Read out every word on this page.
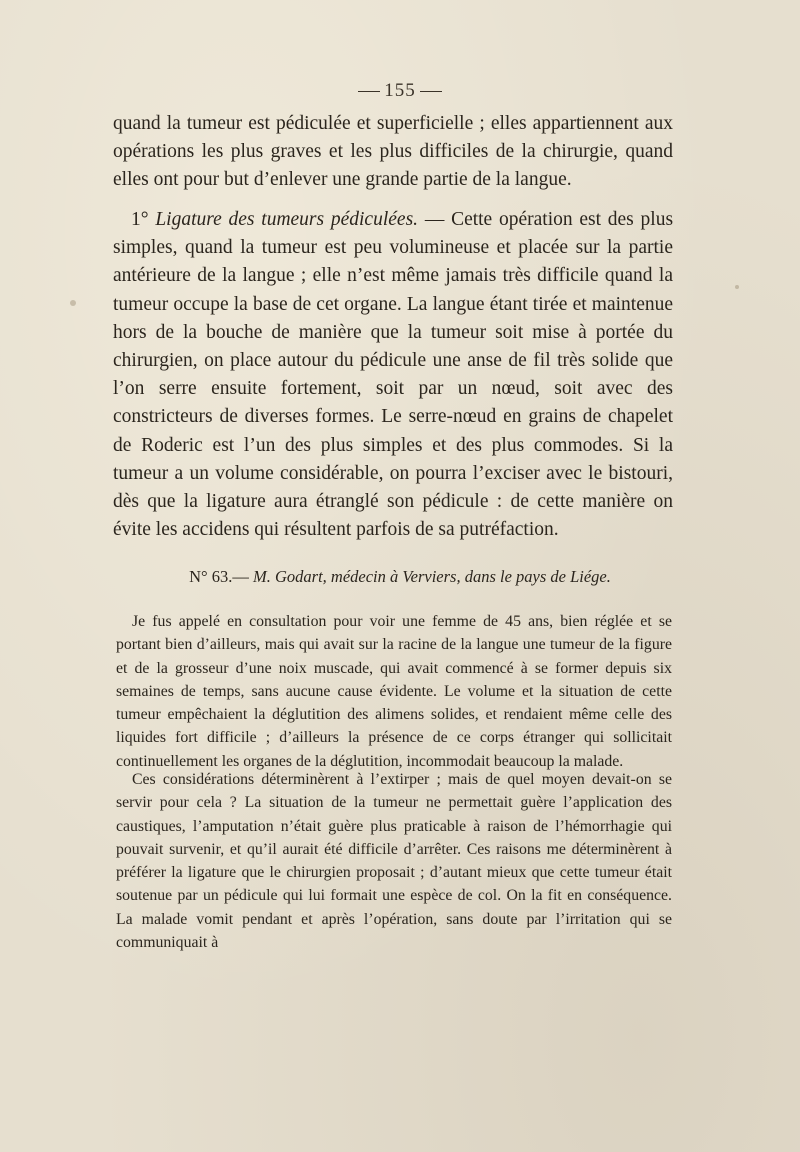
155

quand la tumeur est pédiculée et superficielle ; elles appartiennent aux opérations les plus graves et les plus difficiles de la chirurgie, quand elles ont pour but d’enlever une grande partie de la langue.

1° Ligature des tumeurs pédiculées. — Cette opération est des plus simples, quand la tumeur est peu volumineuse et placée sur la partie antérieure de la langue ; elle n’est même jamais très difficile quand la tumeur occupe la base de cet organe. La langue étant tirée et maintenue hors de la bouche de manière que la tumeur soit mise à portée du chirurgien, on place autour du pédicule une anse de fil très solide que l’on serre ensuite fortement, soit par un nœud, soit avec des constricteurs de diverses formes. Le serre-nœud en grains de chapelet de Roderic est l’un des plus simples et des plus commodes. Si la tumeur a un volume considérable, on pourra l’exciser avec le bistouri, dès que la ligature aura étranglé son pédicule : de cette manière on évite les accidens qui résultent parfois de sa putréfaction.

N° 63.— M. Godart, médecin à Verviers, dans le pays de Liége.

Je fus appelé en consultation pour voir une femme de 45 ans, bien réglée et se portant bien d’ailleurs, mais qui avait sur la racine de la langue une tumeur de la figure et de la grosseur d’une noix muscade, qui avait commencé à se former depuis six semaines de temps, sans aucune cause évidente. Le volume et la situation de cette tumeur empêchaient la déglutition des alimens solides, et rendaient même celle des liquides fort difficile ; d’ailleurs la présence de ce corps étranger qui sollicitait continuellement les organes de la déglutition, incommodait beaucoup la malade.

Ces considérations déterminèrent à l’extirper ; mais de quel moyen devait-on se servir pour cela ? La situation de la tumeur ne permettait guère l’application des caustiques, l’amputation n’était guère plus praticable à raison de l’hémorrhagie qui pouvait survenir, et qu’il aurait été difficile d’arrêter. Ces raisons me déterminèrent à préférer la ligature que le chirurgien proposait ; d’autant mieux que cette tumeur était soutenue par un pédicule qui lui formait une espèce de col. On la fit en conséquence. La malade vomit pendant et après l’opération, sans doute par l’irritation qui se communiquait à
